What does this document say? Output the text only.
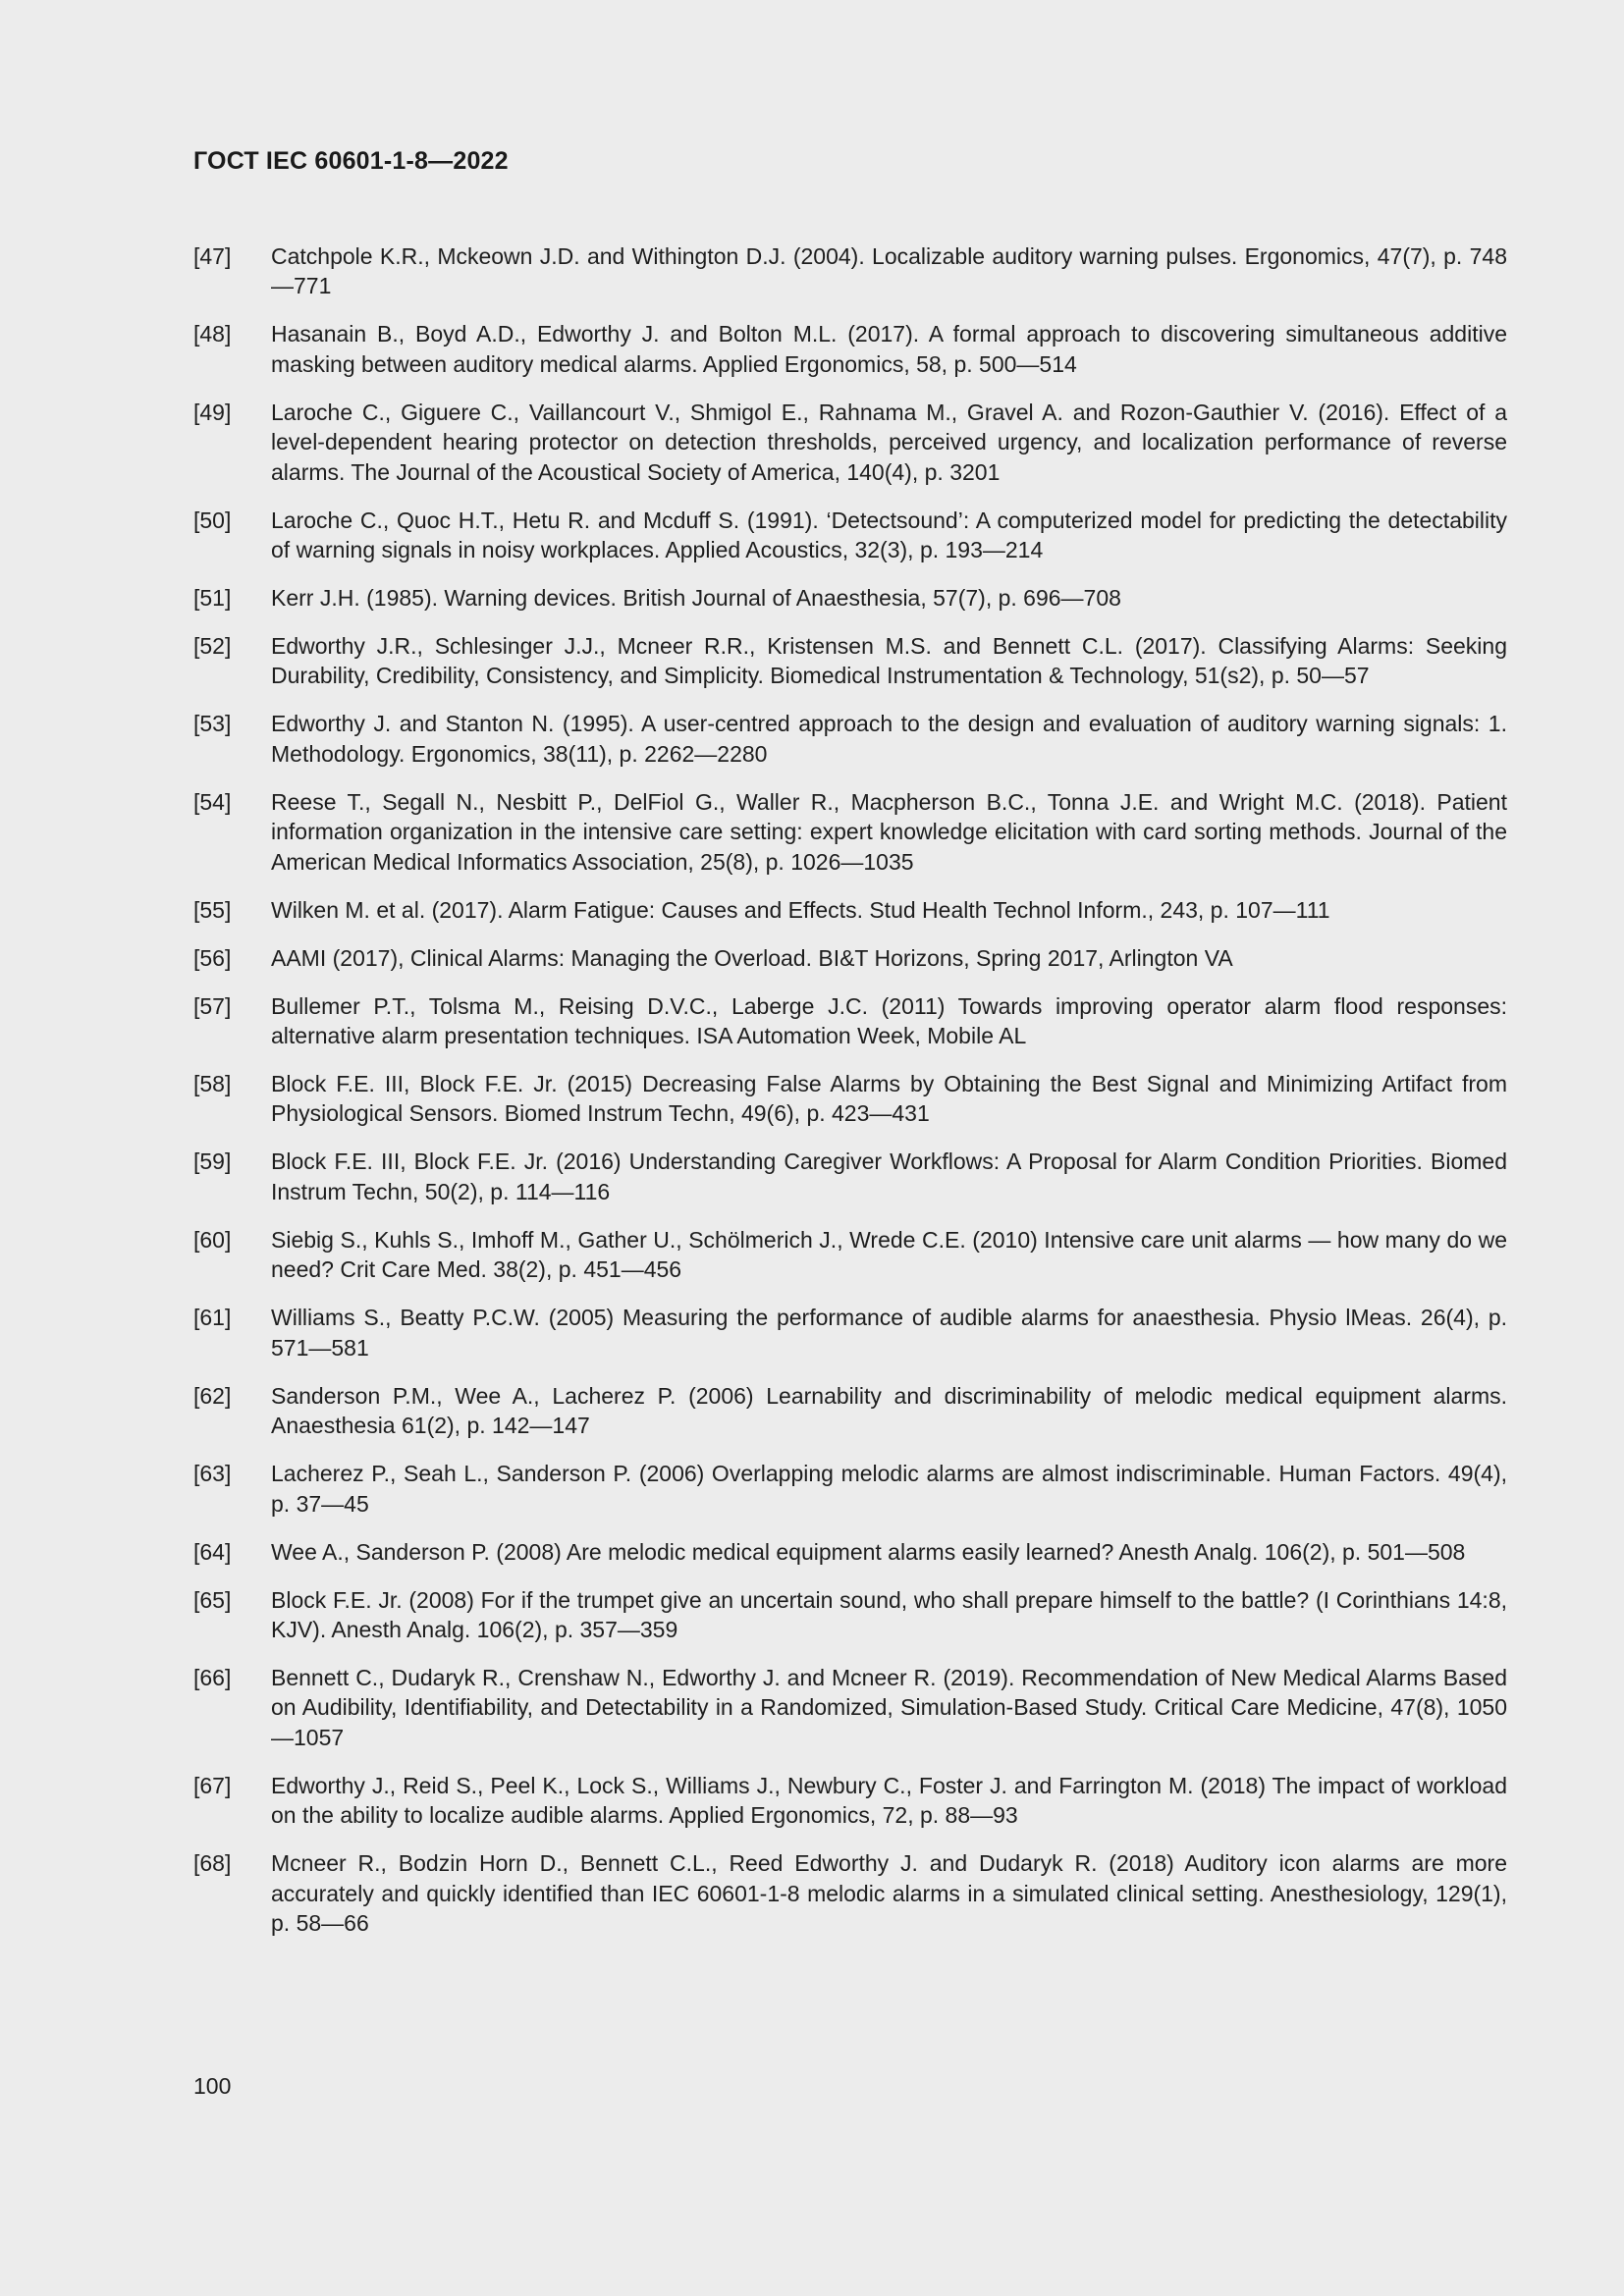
ГОСТ IEC 60601-1-8—2022
[47]	Catchpole K.R., Mckeown J.D. and Withington D.J. (2004). Localizable auditory warning pulses. Ergonomics, 47(7), p. 748—771
[48]	Hasanain B., Boyd A.D., Edworthy J. and Bolton M.L. (2017). A formal approach to discovering simultaneous additive masking between auditory medical alarms. Applied Ergonomics, 58, p. 500—514
[49]	Laroche C., Giguere C., Vaillancourt V., Shmigol E., Rahnama M., Gravel A. and Rozon-Gauthier V. (2016). Effect of a level-dependent hearing protector on detection thresholds, perceived urgency, and localization performance of reverse alarms. The Journal of the Acoustical Society of America, 140(4), p. 3201
[50]	Laroche C., Quoc H.T., Hetu R. and Mcduff S. (1991). ‘Detectsound’: A computerized model for predicting the detectability of warning signals in noisy workplaces. Applied Acoustics, 32(3), p. 193—214
[51]	Kerr J.H. (1985). Warning devices. British Journal of Anaesthesia, 57(7), p. 696—708
[52]	Edworthy J.R., Schlesinger J.J., Mcneer R.R., Kristensen M.S. and Bennett C.L. (2017). Classifying Alarms: Seeking Durability, Credibility, Consistency, and Simplicity. Biomedical Instrumentation & Technology, 51(s2), p. 50—57
[53]	Edworthy J. and Stanton N. (1995). A user-centred approach to the design and evaluation of auditory warning signals: 1. Methodology. Ergonomics, 38(11), p. 2262—2280
[54]	Reese T., Segall N., Nesbitt P., DelFiol G., Waller R., Macpherson B.C., Tonna J.E. and Wright M.C. (2018). Patient information organization in the intensive care setting: expert knowledge elicitation with card sorting methods. Journal of the American Medical Informatics Association, 25(8), p. 1026—1035
[55]	Wilken M. et al. (2017). Alarm Fatigue: Causes and Effects. Stud Health Technol Inform., 243, p. 107—111
[56]	AAMI (2017), Clinical Alarms: Managing the Overload. BI&T Horizons, Spring 2017, Arlington VA
[57]	Bullemer P.T., Tolsma M., Reising D.V.C., Laberge J.C. (2011) Towards improving operator alarm flood responses: alternative alarm presentation techniques. ISA Automation Week, Mobile AL
[58]	Block F.E. III, Block F.E. Jr. (2015) Decreasing False Alarms by Obtaining the Best Signal and Minimizing Artifact from Physiological Sensors. Biomed Instrum Techn, 49(6), p. 423—431
[59]	Block F.E. III, Block F.E. Jr. (2016) Understanding Caregiver Workflows: A Proposal for Alarm Condition Priorities. Biomed Instrum Techn, 50(2), p. 114—116
[60]	Siebig S., Kuhls S., Imhoff M., Gather U., Schölmerich J., Wrede C.E. (2010) Intensive care unit alarms — how many do we need? Crit Care Med. 38(2), p. 451—456
[61]	Williams S., Beatty P.C.W. (2005) Measuring the performance of audible alarms for anaesthesia. Physio lMeas. 26(4), p. 571—581
[62]	Sanderson P.M., Wee A., Lacherez P. (2006) Learnability and discriminability of melodic medical equipment alarms. Anaesthesia 61(2), p. 142—147
[63]	Lacherez P., Seah L., Sanderson P. (2006) Overlapping melodic alarms are almost indiscriminable. Human Factors. 49(4), p. 37—45
[64]	Wee A., Sanderson P. (2008) Are melodic medical equipment alarms easily learned? Anesth Analg. 106(2), p. 501—508
[65]	Block F.E. Jr. (2008) For if the trumpet give an uncertain sound, who shall prepare himself to the battle? (I Corinthians 14:8, KJV). Anesth Analg. 106(2), p. 357—359
[66]	Bennett C., Dudaryk R., Crenshaw N., Edworthy J. and Mcneer R. (2019). Recommendation of New Medical Alarms Based on Audibility, Identifiability, and Detectability in a Randomized, Simulation-Based Study. Critical Care Medicine, 47(8), 1050—1057
[67]	Edworthy J., Reid S., Peel K., Lock S., Williams J., Newbury C., Foster J. and Farrington M. (2018) The impact of workload on the ability to localize audible alarms. Applied Ergonomics, 72, p. 88—93
[68]	Mcneer R., Bodzin Horn D., Bennett C.L., Reed Edworthy J. and Dudaryk R. (2018) Auditory icon alarms are more accurately and quickly identified than IEC 60601-1-8 melodic alarms in a simulated clinical setting. Anesthesiology, 129(1), p. 58—66
100
